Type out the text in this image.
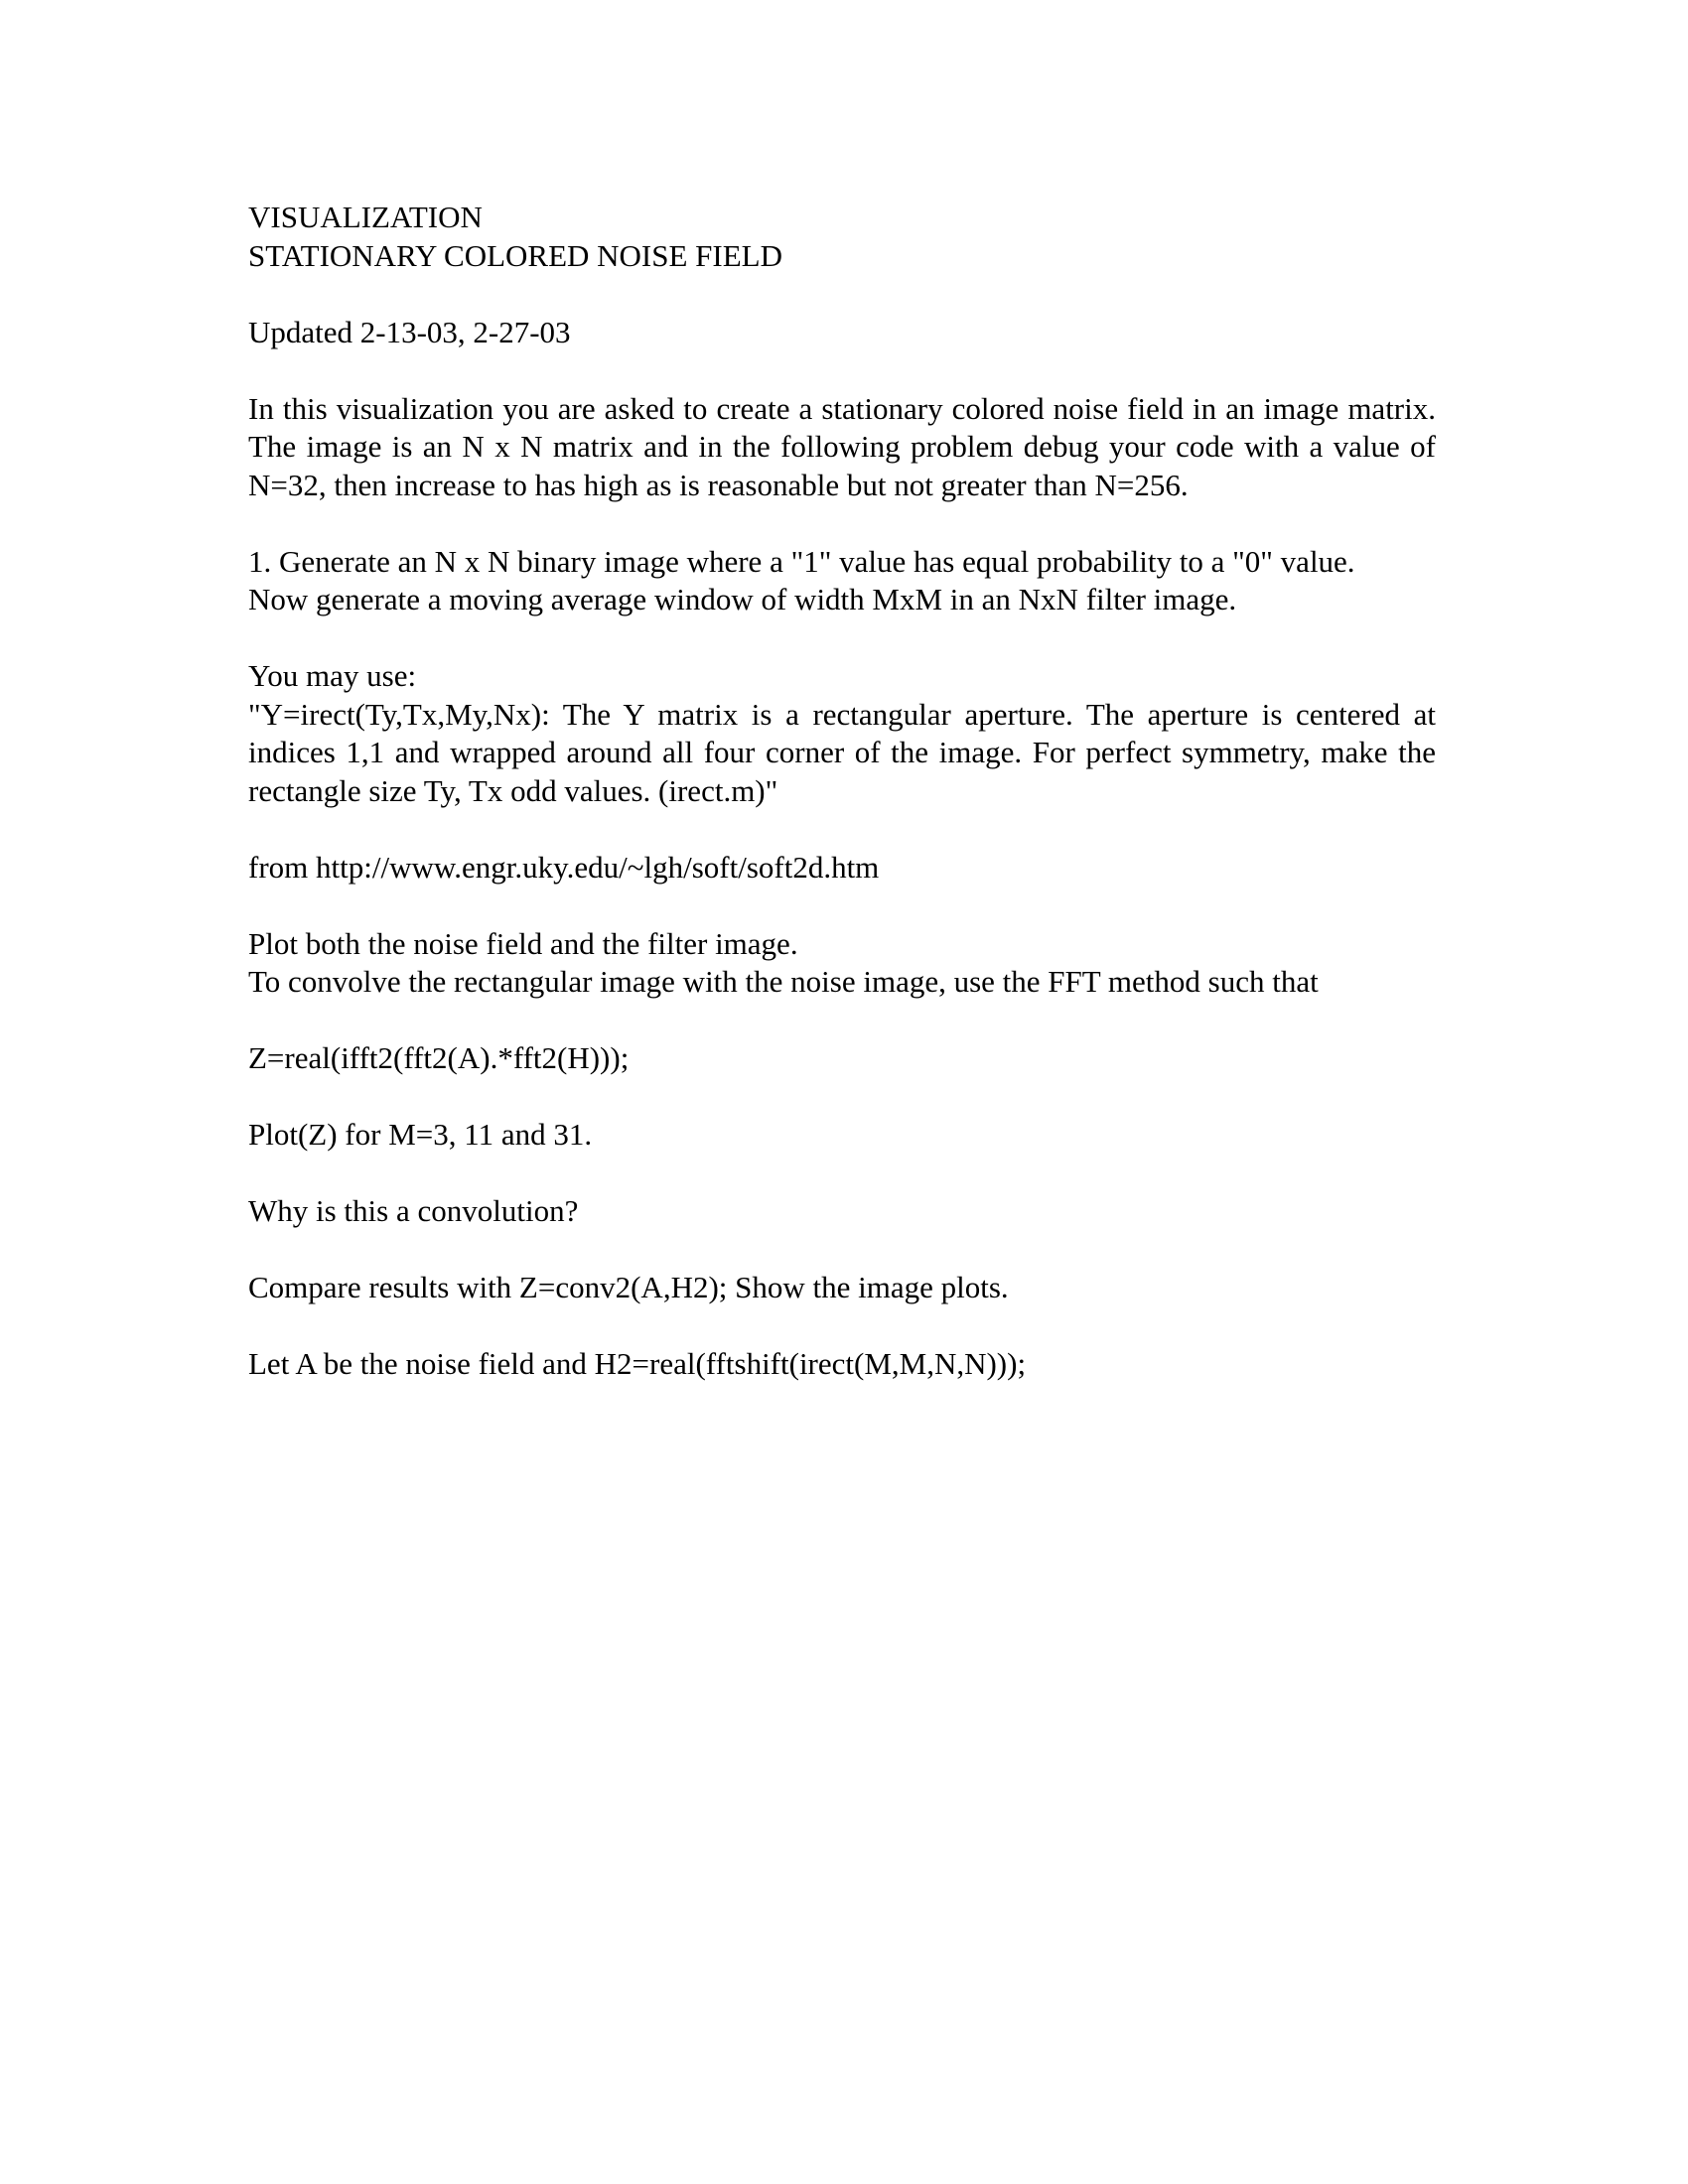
VISUALIZATION
STATIONARY COLORED NOISE FIELD
Updated 2-13-03, 2-27-03
In this visualization you are asked to create a stationary colored noise field in an image matrix. The image is an N x N matrix and in the following problem debug your code with a value of N=32, then increase to has high as is reasonable but not greater than N=256.
1. Generate an N x N binary image where a "1" value has equal probability to a "0" value.
Now generate a moving average window of width MxM in an NxN filter image.
You may use:
"Y=irect(Ty,Tx,My,Nx): The Y matrix is a rectangular aperture. The aperture is centered at indices 1,1 and wrapped around all four corner of the image. For perfect symmetry, make the rectangle size Ty, Tx odd values. (irect.m)"
from http://www.engr.uky.edu/~lgh/soft/soft2d.htm
Plot both the noise field and the filter image.
To convolve the rectangular image with the noise image, use the FFT method such that
Z=real(ifft2(fft2(A).*fft2(H)));
Plot(Z) for M=3, 11 and 31.
Why is this a convolution?
Compare results with Z=conv2(A,H2); Show the image plots.
Let A be the noise field and H2=real(fftshift(irect(M,M,N,N)));
